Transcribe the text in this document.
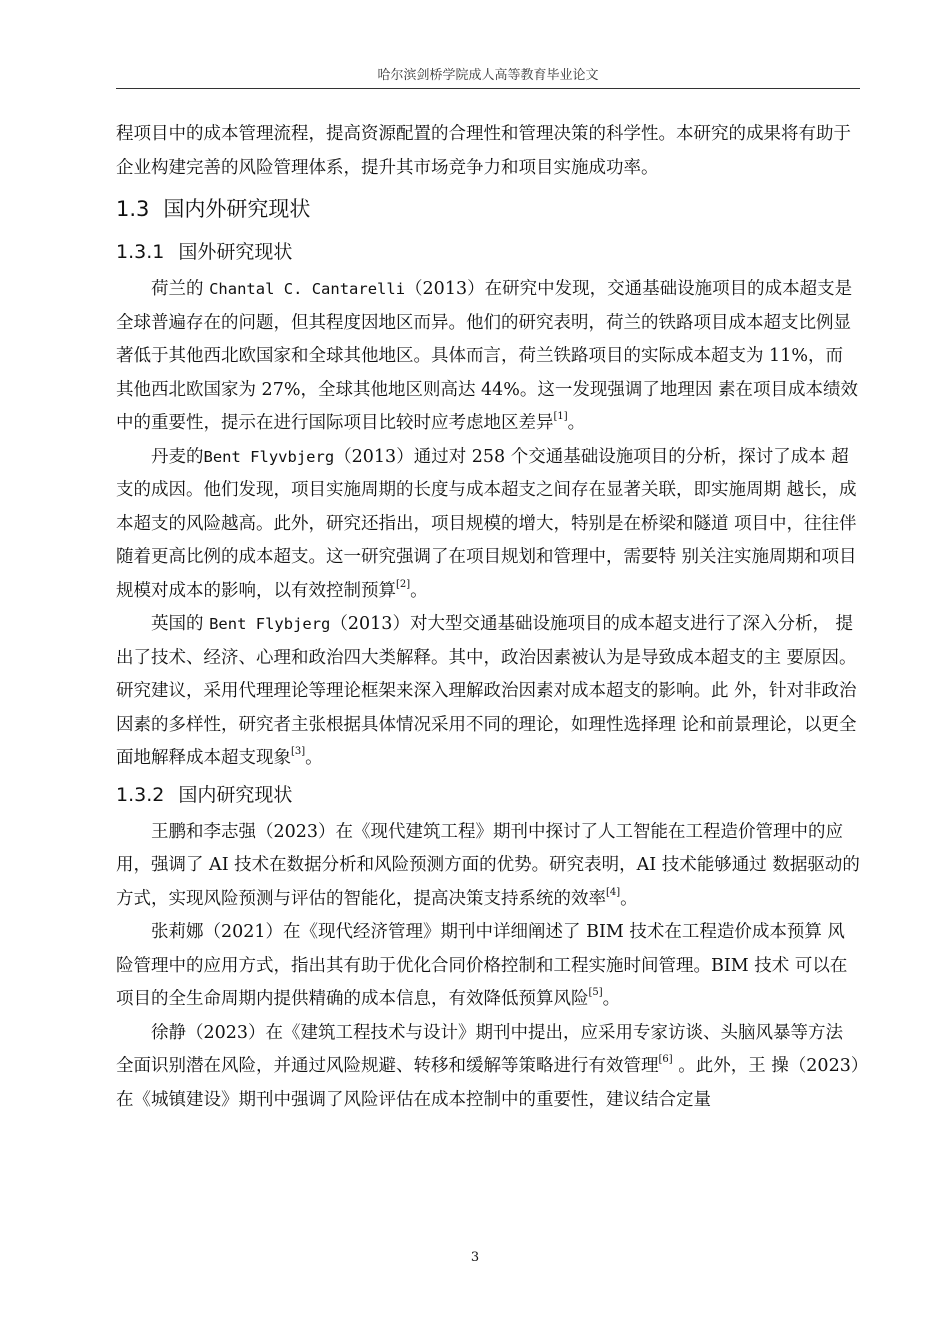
哈尔滨剑桥学院成人高等教育毕业论文

程项目中的成本管理流程，提高资源配置的合理性和管理决策的科学性。本研究的成果将有助于企业构建完善的风险管理体系，提升其市场竞争力和项目实施成功率。

1.3 国内外研究现状
1.3.1 国外研究现状

荷兰的 Chantal C. Cantarelli（2013）在研究中发现，交通基础设施项目的成本超支是全球普遍存在的问题，但其程度因地区而异。他们的研究表明，荷兰的铁路项目成本超支比例显著低于其他西北欧国家和全球其他地区。具体而言，荷兰铁路项目的实际成本超支为 11%，而其他西北欧国家为 27%，全球其他地区则高达 44%。这一发现强调了地理因 素在项目成本绩效中的重要性，提示在进行国际项目比较时应考虑地区差异[1]。

丹麦的Bent Flyvbjerg（2013）通过对 258 个交通基础设施项目的分析，探讨了成本 超支的成因。他们发现，项目实施周期的长度与成本超支之间存在显著关联，即实施周期 越长，成本超支的风险越高。此外，研究还指出，项目规模的增大，特别是在桥梁和隧道 项目中，往往伴随着更高比例的成本超支。这一研究强调了在项目规划和管理中，需要特 别关注实施周期和项目规模对成本的影响，以有效控制预算[2]。

英国的 Bent Flybjerg（2013）对大型交通基础设施项目的成本超支进行了深入分析， 提出了技术、经济、心理和政治四大类解释。其中，政治因素被认为是导致成本超支的主 要原因。研究建议，采用代理理论等理论框架来深入理解政治因素对成本超支的影响。此 外，针对非政治因素的多样性，研究者主张根据具体情况采用不同的理论，如理性选择理 论和前景理论，以更全面地解释成本超支现象[3]。

1.3.2 国内研究现状

王鹏和李志强（2023）在《现代建筑工程》期刊中探讨了人工智能在工程造价管理中的应用，强调了 AI 技术在数据分析和风险预测方面的优势。研究表明，AI 技术能够通过 数据驱动的方式，实现风险预测与评估的智能化，提高决策支持系统的效率[4]。

张莉娜（2021）在《现代经济管理》期刊中详细阐述了 BIM 技术在工程造价成本预算 风险管理中的应用方式，指出其有助于优化合同价格控制和工程实施时间管理。BIM 技术 可以在项目的全生命周期内提供精确的成本信息，有效降低预算风险[5]。

徐静（2023）在《建筑工程技术与设计》期刊中提出，应采用专家访谈、头脑风暴等方法全面识别潜在风险，并通过风险规避、转移和缓解等策略进行有效管理[6] 。此外，王 操（2023）在《城镇建设》期刊中强调了风险评估在成本控制中的重要性，建议结合定量

3
